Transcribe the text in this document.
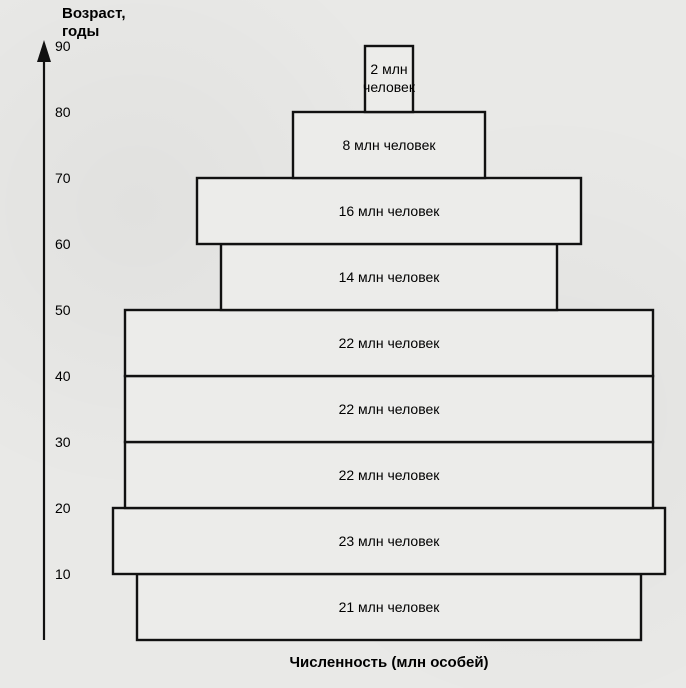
Возраст,
годы
10
20
30
40
50
60
70
80
90
21 млн человек
23 млн человек
22 млн человек
22 млн человек
22 млн человек
14 млн человек
16 млн человек
8 млн человек
2 млн
человек
Численность (млн особей)
